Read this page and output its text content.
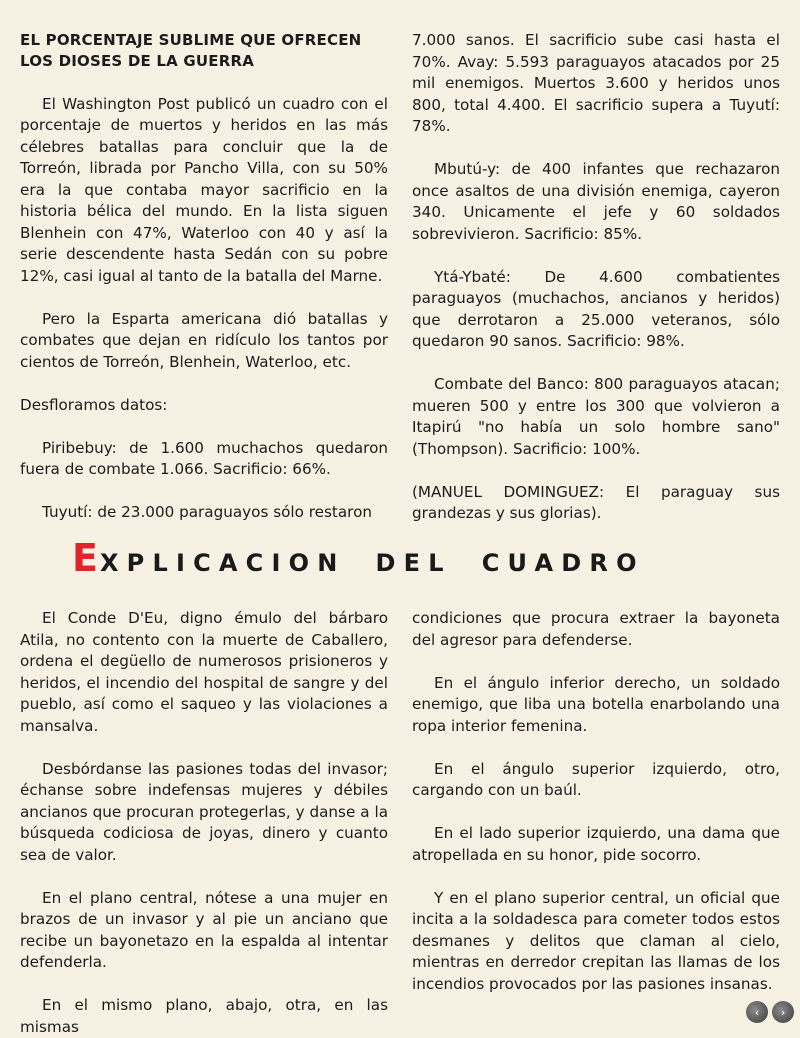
EL PORCENTAJE SUBLIME QUE OFRECEN LOS DIOSES DE LA GUERRA

El Washington Post publicó un cuadro con el porcentaje de muertos y heridos en las más célebres batallas para concluir que la de Torreón, librada por Pancho Villa, con su 50% era la que contaba mayor sacrificio en la historia bélica del mundo. En la lista siguen Blenhein con 47%, Waterloo con 40 y así la serie descendente hasta Sedán con su pobre 12%, casi igual al tanto de la batalla del Marne.

Pero la Esparta americana dió batallas y combates que dejan en ridículo los tantos por cientos de Torreón, Blenhein, Waterloo, etc.

Desfloramos datos:

Piribebuy: de 1.600 muchachos quedaron fuera de combate 1.066. Sacrificio: 66%.

Tuyutí: de 23.000 paraguayos sólo restaron

7.000 sanos. El sacrificio sube casi hasta el 70%. Avay: 5.593 paraguayos atacados por 25 mil enemigos. Muertos 3.600 y heridos unos 800, total 4.400. El sacrificio supera a Tuyutí: 78%.

Mbutú-y: de 400 infantes que rechazaron once asaltos de una división enemiga, cayeron 340. Unicamente el jefe y 60 soldados sobrevivieron. Sacrificio: 85%.

Ytá-Ybaté: De 4.600 combatientes paraguayos (muchachos, ancianos y heridos) que derrotaron a 25.000 veteranos, sólo quedaron 90 sanos. Sacrificio: 98%.

Combate del Banco: 800 paraguayos atacan; mueren 500 y entre los 300 que volvieron a Itapirú "no había un solo hombre sano" (Thompson). Sacrificio: 100%.

(MANUEL DOMINGUEZ: El paraguay sus grandezas y sus glorias).

EXPLICACION DEL CUADRO

El Conde D'Eu, digno émulo del bárbaro Atila, no contento con la muerte de Caballero, ordena el degüello de numerosos prisioneros y heridos, el incendio del hospital de sangre y del pueblo, así como el saqueo y las violaciones a mansalva.

Desbórdanse las pasiones todas del invasor; échanse sobre indefensas mujeres y débiles ancianos que procuran protegerlas, y danse a la búsqueda codiciosa de joyas, dinero y cuanto sea de valor.

En el plano central, nótese a una mujer en brazos de un invasor y al pie un anciano que recibe un bayonetazo en la espalda al intentar defenderla.

En el mismo plano, abajo, otra, en las mismas

condiciones que procura extraer la bayoneta del agresor para defenderse.

En el ángulo inferior derecho, un soldado enemigo, que liba una botella enarbolando una ropa interior femenina.

En el ángulo superior izquierdo, otro, cargando con un baúl.

En el lado superior izquierdo, una dama que atropellada en su honor, pide socorro.

Y en el plano superior central, un oficial que incita a la soldadesca para cometer todos estos desmanes y delitos que claman al cielo, mientras en derredor crepitan las llamas de los incendios provocados por las pasiones insanas.

‹	›
